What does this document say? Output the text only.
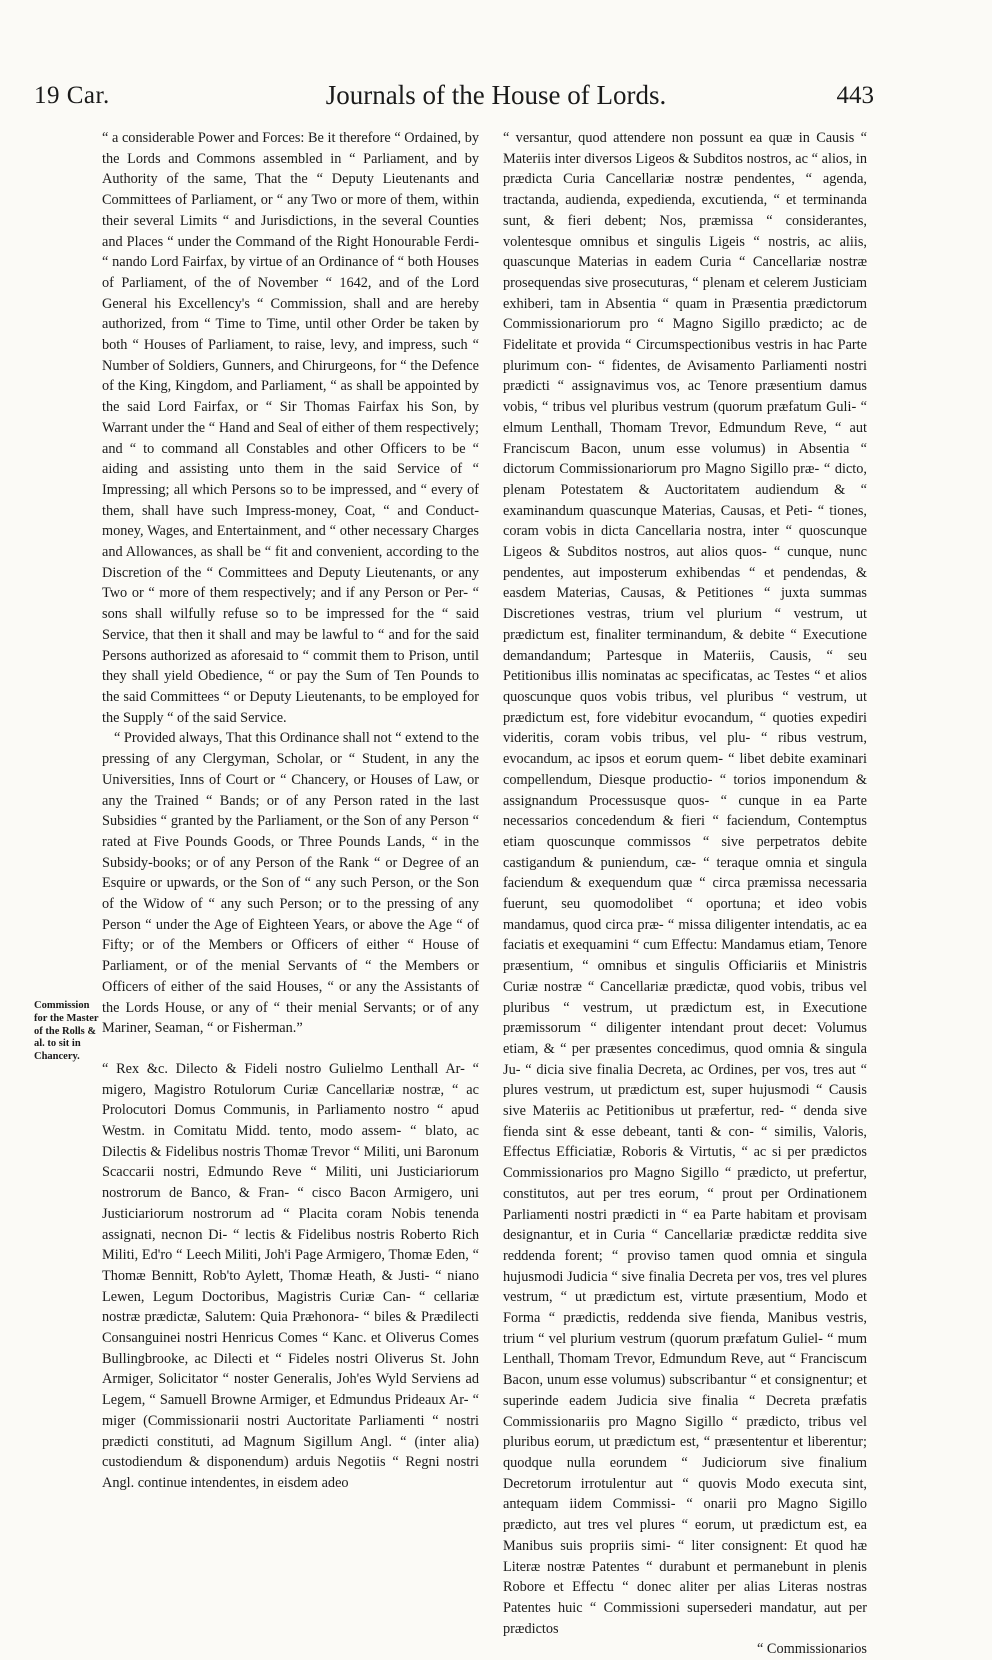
19 Car.	Journals of the House of Lords.	443
Commission for the Master of the Rolls & al. to sit in Chancery.

“ a considerable Power and Forces: Be it therefore “ Ordained, by the Lords and Commons assembled in “ Parliament, and by Authority of the same, That the “ Deputy Lieutenants and Committees of Parliament, or “ any Two or more of them, within their several Limits “ and Jurisdictions, in the several Counties and Places “ under the Command of the Right Honourable Ferdi- “ nando Lord Fairfax, by virtue of an Ordinance of “ both Houses of Parliament, of the of November “ 1642, and of the Lord General his Excellency's “ Commission, shall and are hereby authorized, from “ Time to Time, until other Order be taken by both “ Houses of Parliament, to raise, levy, and impress, such “ Number of Soldiers, Gunners, and Chirurgeons, for “ the Defence of the King, Kingdom, and Parliament, “ as shall be appointed by the said Lord Fairfax, or “ Sir Thomas Fairfax his Son, by Warrant under the “ Hand and Seal of either of them respectively; and “ to command all Constables and other Officers to be “ aiding and assisting unto them in the said Service of “ Impressing; all which Persons so to be impressed, and “ every of them, shall have such Impress-money, Coat, “ and Conduct-money, Wages, and Entertainment, and “ other necessary Charges and Allowances, as shall be “ fit and convenient, according to the Discretion of the “ Committees and Deputy Lieutenants, or any Two or “ more of them respectively; and if any Person or Per- “ sons shall wilfully refuse so to be impressed for the “ said Service, that then it shall and may be lawful to “ and for the said Persons authorized as aforesaid to “ commit them to Prison, until they shall yield Obedience, “ or pay the Sum of Ten Pounds to the said Committees “ or Deputy Lieutenants, to be employed for the Supply “ of the said Service.

“ Provided always, That this Ordinance shall not “ extend to the pressing of any Clergyman, Scholar, or “ Student, in any the Universities, Inns of Court or “ Chancery, or Houses of Law, or any the Trained “ Bands; or of any Person rated in the last Subsidies “ granted by the Parliament, or the Son of any Person “ rated at Five Pounds Goods, or Three Pounds Lands, “ in the Subsidy-books; or of any Person of the Rank “ or Degree of an Esquire or upwards, or the Son of “ any such Person, or the Son of the Widow of “ any such Person; or to the pressing of any Person “ under the Age of Eighteen Years, or above the Age “ of Fifty; or of the Members or Officers of either “ House of Parliament, or of the menial Servants of “ the Members or Officers of either of the said Houses, “ or any the Assistants of the Lords House, or any of “ their menial Servants; or of any Mariner, Seaman, “ or Fisherman.”

“ Rex &c. Dilecto & Fideli nostro Gulielmo Lenthall Ar- “ migero, Magistro Rotulorum Curiæ Cancellariæ nostræ, “ ac Prolocutori Domus Communis, in Parliamento nostro “ apud Westm. in Comitatu Midd. tento, modo assem- “ blato, ac Dilectis & Fidelibus nostris Thomæ Trevor “ Militi, uni Baronum Scaccarii nostri, Edmundo Reve “ Militi, uni Justiciariorum nostrorum de Banco, & Fran- “ cisco Bacon Armigero, uni Justiciariorum nostrorum ad “ Placita coram Nobis tenenda assignati, necnon Di- “ lectis & Fidelibus nostris Roberto Rich Militi, Ed'ro “ Leech Militi, Joh'i Page Armigero, Thomæ Eden, “ Thomæ Bennitt, Rob'to Aylett, Thomæ Heath, & Justi- “ niano Lewen, Legum Doctoribus, Magistris Curiæ Can- “ cellariæ nostræ prædictæ, Salutem: Quia Præhonora- “ biles & Prædilecti Consanguinei nostri Henricus Comes “ Kanc. et Oliverus Comes Bullingbrooke, ac Dilecti et “ Fideles nostri Oliverus St. John Armiger, Solicitator “ noster Generalis, Joh'es Wyld Serviens ad Legem, “ Samuell Browne Armiger, et Edmundus Prideaux Ar- “ miger (Commissionarii nostri Auctoritate Parliamenti “ nostri prædicti constituti, ad Magnum Sigillum Angl. “ (inter alia) custodiendum & disponendum) arduis Negotiis “ Regni nostri Angl. continue intendentes, in eisdem adeo

“ versantur, quod attendere non possunt ea quæ in Causis “ Materiis inter diversos Ligeos & Subditos nostros, ac “ alios, in prædicta Curia Cancellariæ nostræ pendentes, “ agenda, tractanda, audienda, expedienda, excutienda, “ et terminanda sunt, & fieri debent; Nos, præmissa “ considerantes, volentesque omnibus et singulis Ligeis “ nostris, ac aliis, quascunque Materias in eadem Curia “ Cancellariæ nostræ prosequendas sive prosecuturas, “ plenam et celerem Justiciam exhiberi, tam in Absentia “ quam in Præsentia prædictorum Commissionariorum pro “ Magno Sigillo prædicto; ac de Fidelitate et provida “ Circumspectionibus vestris in hac Parte plurimum con- “ fidentes, de Avisamento Parliamenti nostri prædicti “ assignavimus vos, ac Tenore præsentium damus vobis, “ tribus vel pluribus vestrum (quorum præfatum Guli- “ elmum Lenthall, Thomam Trevor, Edmundum Reve, “ aut Franciscum Bacon, unum esse volumus) in Absentia “ dictorum Commissionariorum pro Magno Sigillo præ- “ dicto, plenam Potestatem & Auctoritatem audiendum & “ examinandum quascunque Materias, Causas, et Peti- “ tiones, coram vobis in dicta Cancellaria nostra, inter “ quoscunque Ligeos & Subditos nostros, aut alios quos- “ cunque, nunc pendentes, aut imposterum exhibendas “ et pendendas, & easdem Materias, Causas, & Petitiones “ juxta summas Discretiones vestras, trium vel plurium “ vestrum, ut prædictum est, finaliter terminandum, & debite “ Executione demandandum; Partesque in Materiis, Causis, “ seu Petitionibus illis nominatas ac specificatas, ac Testes “ et alios quoscunque quos vobis tribus, vel pluribus “ vestrum, ut prædictum est, fore videbitur evocandum, “ quoties expediri videritis, coram vobis tribus, vel plu- “ ribus vestrum, evocandum, ac ipsos et eorum quem- “ libet debite examinari compellendum, Diesque productio- “ torios imponendum & assignandum Processusque quos- “ cunque in ea Parte necessarios concedendum & fieri “ faciendum, Contemptus etiam quoscunque commissos “ sive perpetratos debite castigandum & puniendum, cæ- “ teraque omnia et singula faciendum & exequendum quæ “ circa præmissa necessaria fuerunt, seu quomodolibet “ oportuna; et ideo vobis mandamus, quod circa præ- “ missa diligenter intendatis, ac ea faciatis et exequamini “ cum Effectu: Mandamus etiam, Tenore præsentium, “ omnibus et singulis Officiariis et Ministris Curiæ nostræ “ Cancellariæ prædictæ, quod vobis, tribus vel pluribus “ vestrum, ut prædictum est, in Executione præmissorum “ diligenter intendant prout decet: Volumus etiam, & “ per præsentes concedimus, quod omnia & singula Ju- “ dicia sive finalia Decreta, ac Ordines, per vos, tres aut “ plures vestrum, ut prædictum est, super hujusmodi “ Causis sive Materiis ac Petitionibus ut præfertur, red- “ denda sive fienda sint & esse debeant, tanti & con- “ similis, Valoris, Effectus Efficiatiæ, Roboris & Virtutis, “ ac si per prædictos Commissionarios pro Magno Sigillo “ prædicto, ut prefertur, constitutos, aut per tres eorum, “ prout per Ordinationem Parliamenti nostri prædicti in “ ea Parte habitam et provisam designantur, et in Curia “ Cancellariæ prædictæ reddita sive reddenda forent; “ proviso tamen quod omnia et singula hujusmodi Judicia “ sive finalia Decreta per vos, tres vel plures vestrum, “ ut prædictum est, virtute præsentium, Modo et Forma “ prædictis, reddenda sive fienda, Manibus vestris, trium “ vel plurium vestrum (quorum præfatum Guliel- “ mum Lenthall, Thomam Trevor, Edmundum Reve, aut “ Franciscum Bacon, unum esse volumus) subscribantur “ et consignentur; et superinde eadem Judicia sive finalia “ Decreta præfatis Commissionariis pro Magno Sigillo “ prædicto, tribus vel pluribus eorum, ut prædictum est, “ præsententur et liberentur; quodque nulla eorundem “ Judiciorum sive finalium Decretorum irrotulentur aut “ quovis Modo executa sint, antequam iidem Commissi- “ onarii pro Magno Sigillo prædicto, aut tres vel plures “ eorum, ut prædictum est, ea Manibus suis propriis simi- “ liter consignent: Et quod hæ Literæ nostræ Patentes “ durabunt et permanebunt in plenis Robore et Effectu “ donec aliter per alias Literas nostras Patentes huic “ Commissioni supersederi mandatur, aut per prædictos

“ Commissionarios
